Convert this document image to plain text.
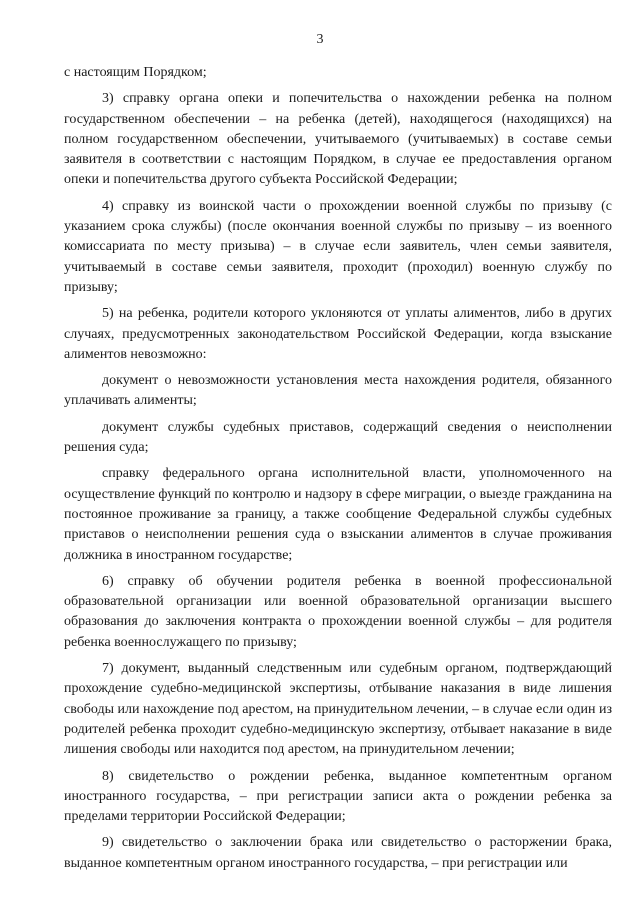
3

с настоящим Порядком;

3) справку органа опеки и попечительства о нахождении ребенка на полном государственном обеспечении – на ребенка (детей), находящегося (находящихся) на полном государственном обеспечении, учитываемого (учитываемых) в составе семьи заявителя в соответствии с настоящим Порядком, в случае ее предоставления органом опеки и попечительства другого субъекта Российской Федерации;

4) справку из воинской части о прохождении военной службы по призыву (с указанием срока службы) (после окончания военной службы по призыву – из военного комиссариата по месту призыва) – в случае если заявитель, член семьи заявителя, учитываемый в составе семьи заявителя, проходит (проходил) военную службу по призыву;

5) на ребенка, родители которого уклоняются от уплаты алиментов, либо в других случаях, предусмотренных законодательством Российской Федерации, когда взыскание алиментов невозможно:

документ о невозможности установления места нахождения родителя, обязанного уплачивать алименты;

документ службы судебных приставов, содержащий сведения о неисполнении решения суда;

справку федерального органа исполнительной власти, уполномоченного на осуществление функций по контролю и надзору в сфере миграции, о выезде гражданина на постоянное проживание за границу, а также сообщение Федеральной службы судебных приставов о неисполнении решения суда о взыскании алиментов в случае проживания должника в иностранном государстве;

6) справку об обучении родителя ребенка в военной профессиональной образовательной организации или военной образовательной организации высшего образования до заключения контракта о прохождении военной службы – для родителя ребенка военнослужащего по призыву;

7) документ, выданный следственным или судебным органом, подтверждающий прохождение судебно-медицинской экспертизы, отбывание наказания в виде лишения свободы или нахождение под арестом, на принудительном лечении, – в случае если один из родителей ребенка проходит судебно-медицинскую экспертизу, отбывает наказание в виде лишения свободы или находится под арестом, на принудительном лечении;

8) свидетельство о рождении ребенка, выданное компетентным органом иностранного государства, – при регистрации записи акта о рождении ребенка за пределами территории Российской Федерации;

9) свидетельство о заключении брака или свидетельство о расторжении брака, выданное компетентным органом иностранного государства, – при регистрации или
